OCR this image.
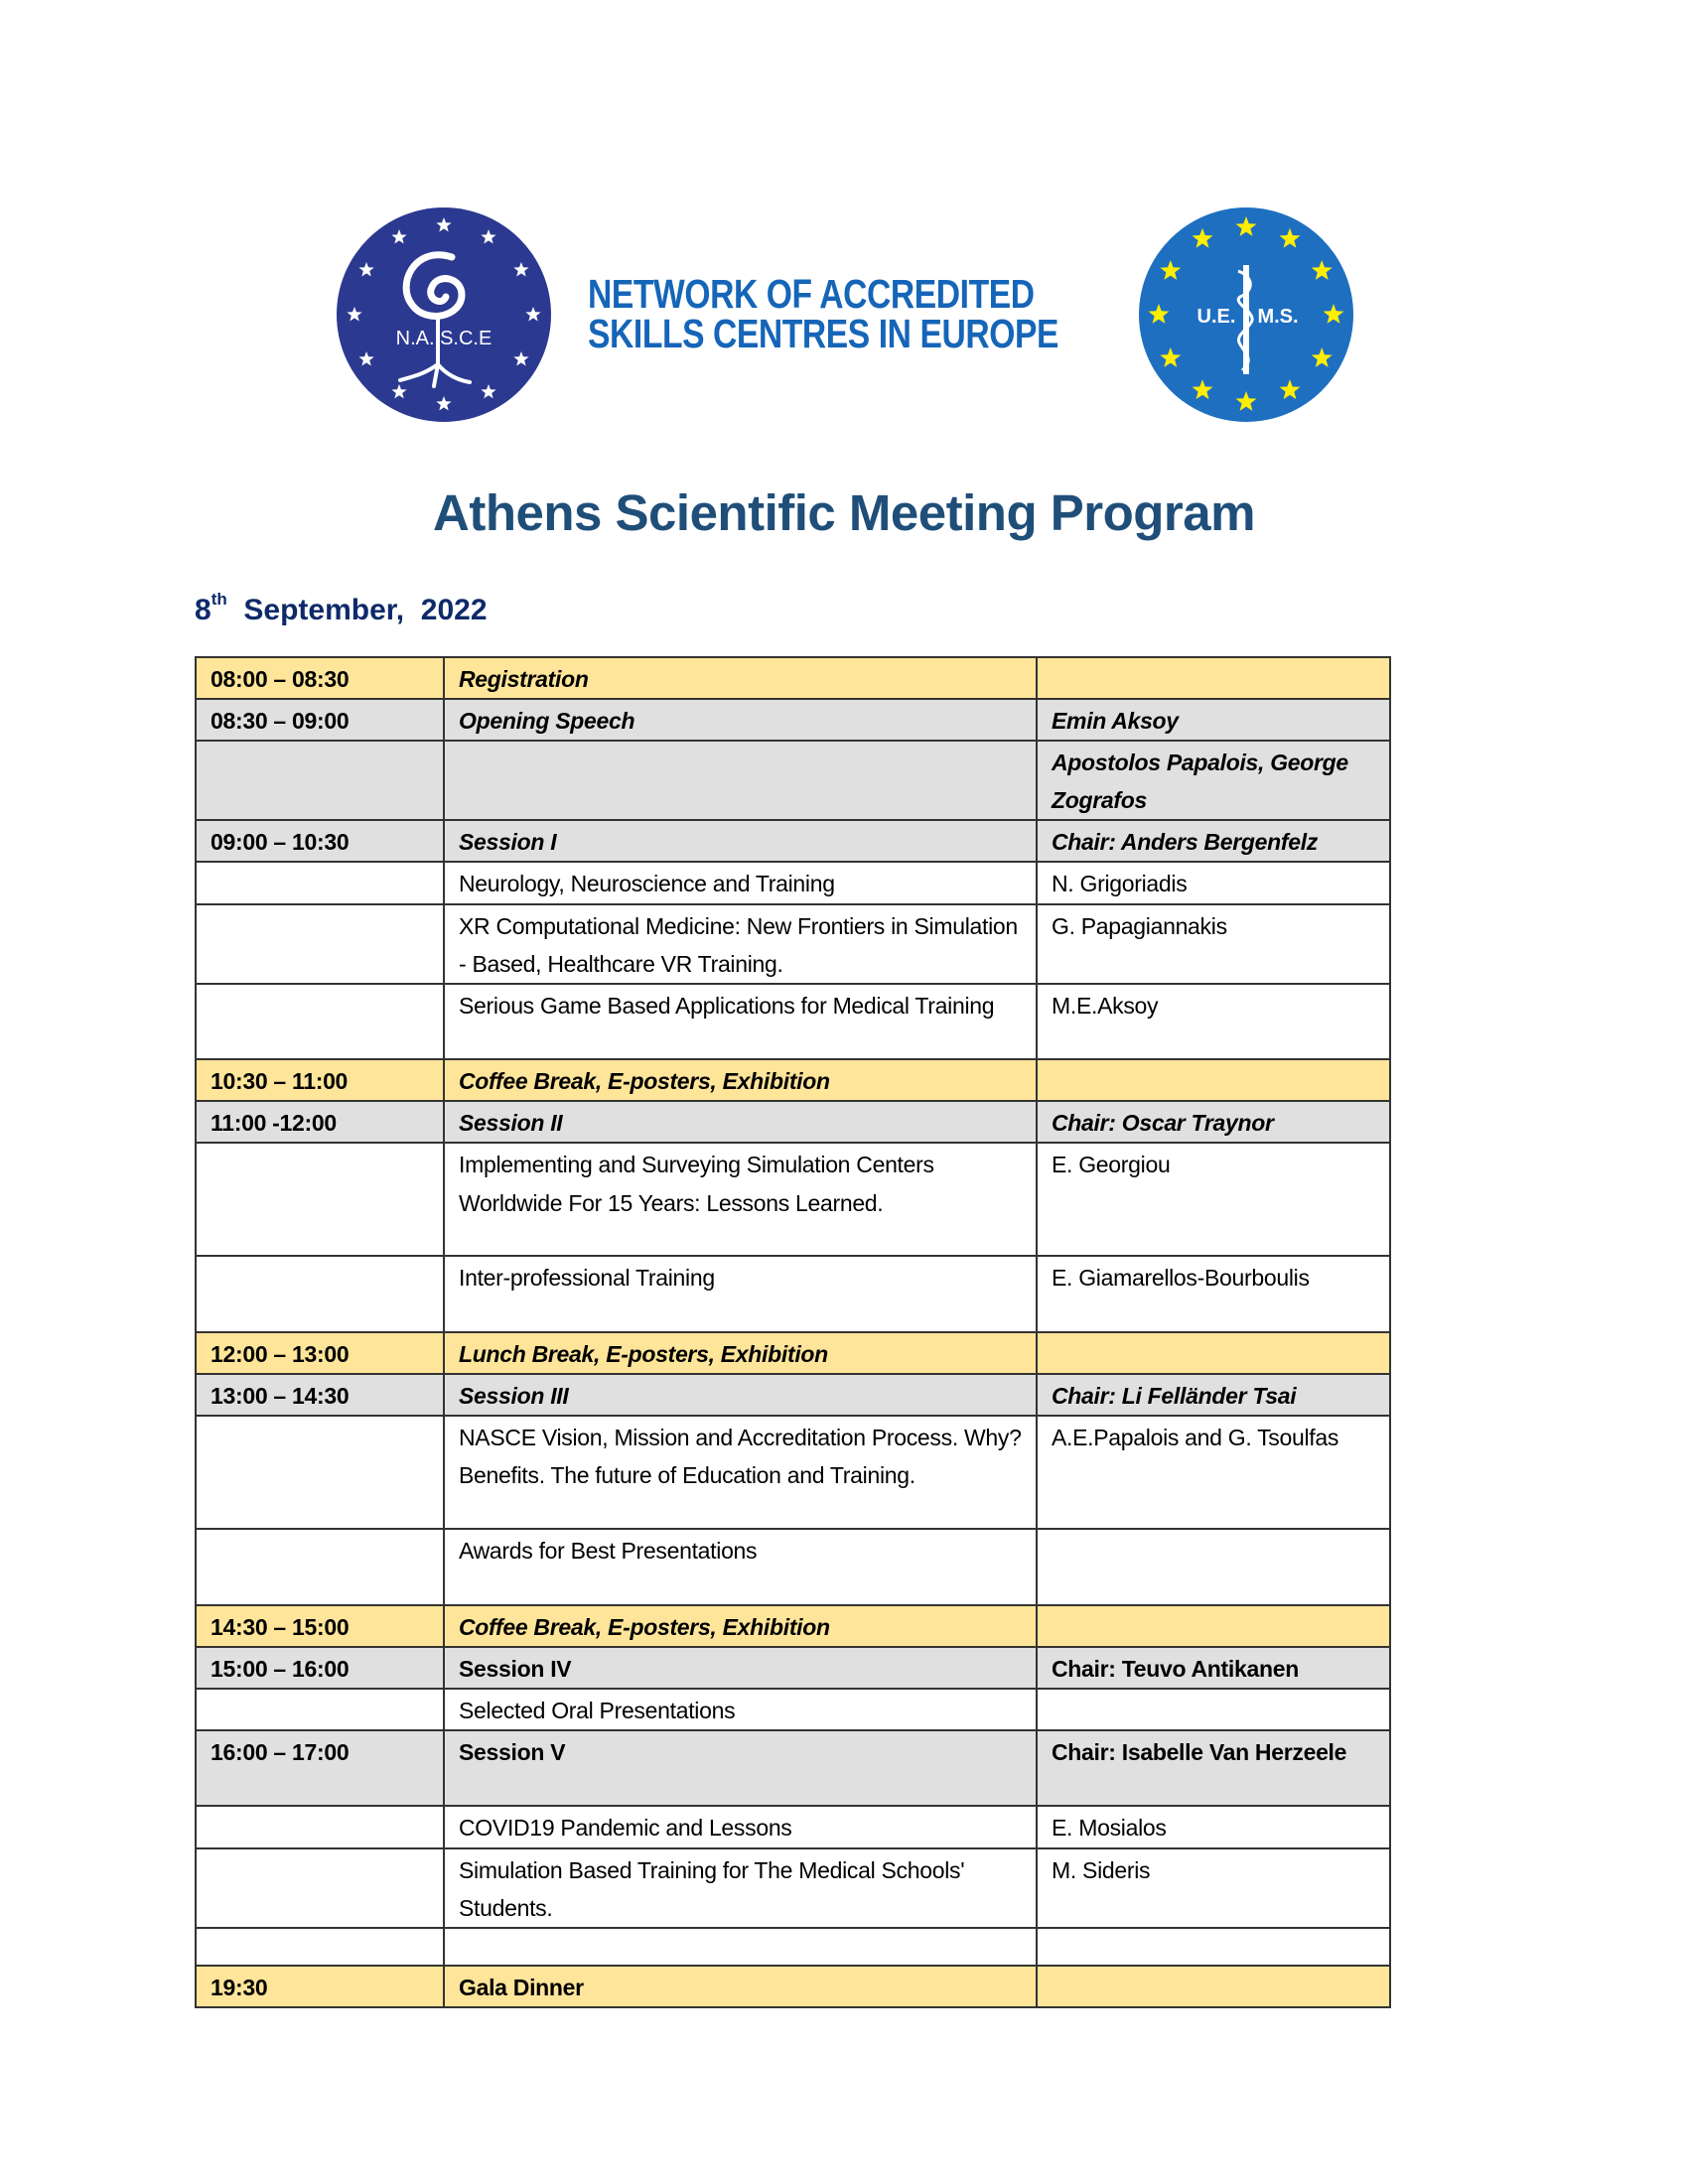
N.A. S.C.E
NETWORK OF ACCREDITED
SKILLS CENTRES IN EUROPE	U.E. M.S.
Athens Scientific Meeting Program
8th  September,  2022
08:00 – 08:30	Registration	
08:30 – 09:00	Opening Speech	Emin Aksoy
		Apostolos Papalois, George Zografos
09:00 – 10:30	Session I	Chair: Anders Bergenfelz
	Neurology, Neuroscience and Training	N. Grigoriadis
	XR Computational Medicine: New Frontiers in Simulation - Based, Healthcare VR Training.	G. Papagiannakis
	Serious Game Based Applications for Medical Training	M.E.Aksoy
10:30 – 11:00	Coffee Break, E-posters, Exhibition	
11:00 -12:00	Session II	Chair: Oscar Traynor
	Implementing and Surveying Simulation Centers Worldwide For 15 Years: Lessons Learned.	E. Georgiou
	Inter-professional Training	E. Giamarellos-Bourboulis
12:00 – 13:00	Lunch Break, E-posters, Exhibition	
13:00 – 14:30	Session III	Chair: Li Felländer Tsai
	NASCE Vision, Mission and Accreditation Process. Why? Benefits. The future of Education and Training.	A.E.Papalois and G. Tsoulfas
	Awards for Best Presentations	
14:30 – 15:00	Coffee Break, E-posters, Exhibition	
15:00 – 16:00	Session IV	Chair: Teuvo Antikanen
	Selected Oral Presentations	
16:00 – 17:00	Session V	Chair: Isabelle Van Herzeele
	COVID19 Pandemic and Lessons	E. Mosialos
	Simulation Based Training for The Medical Schools' Students.	M. Sideris

19:30	Gala Dinner	
